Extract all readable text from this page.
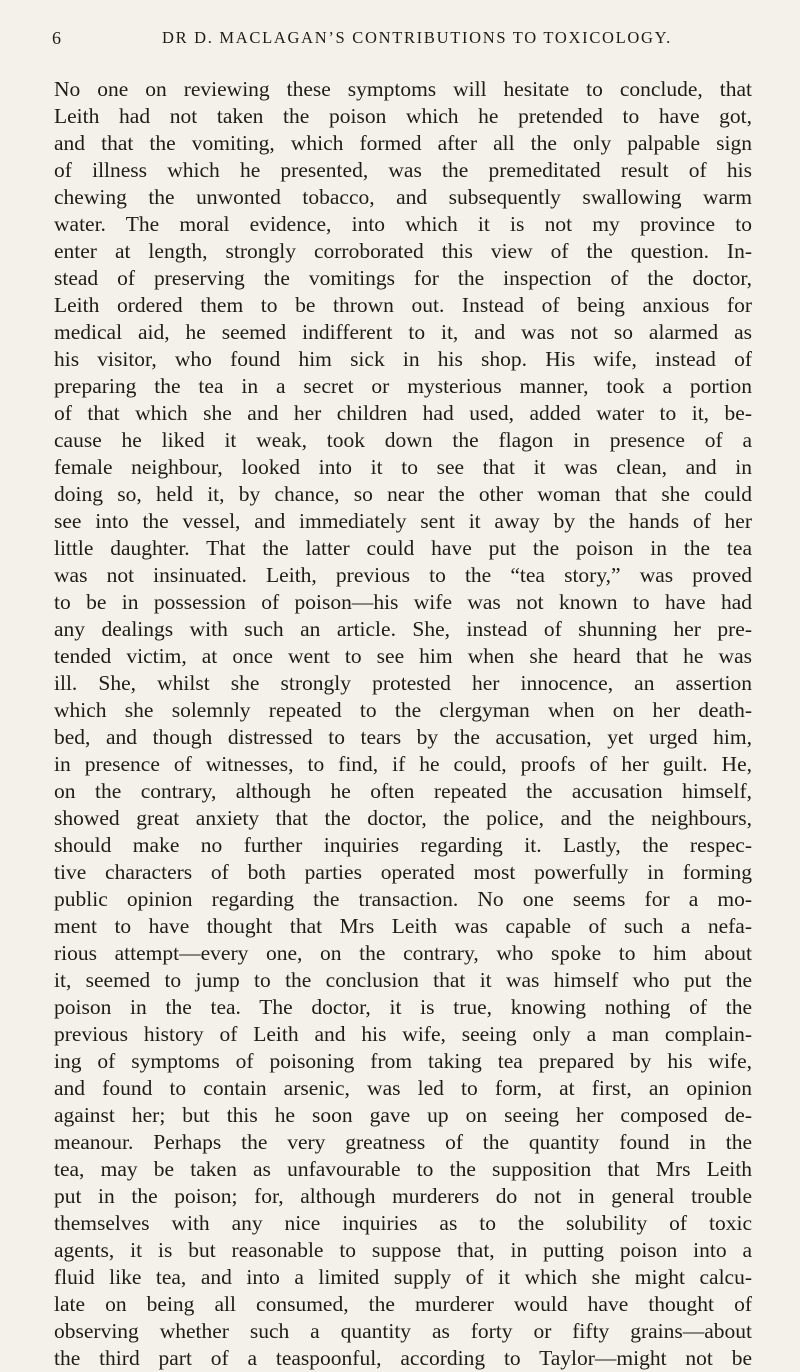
6	DR D. MACLAGAN’S CONTRIBUTIONS TO TOXICOLOGY.
No one on reviewing these symptoms will hesitate to conclude, that
Leith had not taken the poison which he pretended to have got,
and that the vomiting, which formed after all the only palpable sign
of illness which he presented, was the premeditated result of his
chewing the unwonted tobacco, and subsequently swallowing warm
water. The moral evidence, into which it is not my province to
enter at length, strongly corroborated this view of the question. In-
stead of preserving the vomitings for the inspection of the doctor,
Leith ordered them to be thrown out. Instead of being anxious for
medical aid, he seemed indifferent to it, and was not so alarmed as
his visitor, who found him sick in his shop. His wife, instead of
preparing the tea in a secret or mysterious manner, took a portion
of that which she and her children had used, added water to it, be-
cause he liked it weak, took down the flagon in presence of a
female neighbour, looked into it to see that it was clean, and in
doing so, held it, by chance, so near the other woman that she could
see into the vessel, and immediately sent it away by the hands of her
little daughter. That the latter could have put the poison in the tea
was not insinuated. Leith, previous to the “tea story,” was proved
to be in possession of poison—his wife was not known to have had
any dealings with such an article. She, instead of shunning her pre-
tended victim, at once went to see him when she heard that he was
ill. She, whilst she strongly protested her innocence, an assertion
which she solemnly repeated to the clergyman when on her death-
bed, and though distressed to tears by the accusation, yet urged him,
in presence of witnesses, to find, if he could, proofs of her guilt. He,
on the contrary, although he often repeated the accusation himself,
showed great anxiety that the doctor, the police, and the neighbours,
should make no further inquiries regarding it. Lastly, the respec-
tive characters of both parties operated most powerfully in forming
public opinion regarding the transaction. No one seems for a mo-
ment to have thought that Mrs Leith was capable of such a nefa-
rious attempt—every one, on the contrary, who spoke to him about
it, seemed to jump to the conclusion that it was himself who put the
poison in the tea. The doctor, it is true, knowing nothing of the
previous history of Leith and his wife, seeing only a man complain-
ing of symptoms of poisoning from taking tea prepared by his wife,
and found to contain arsenic, was led to form, at first, an opinion
against her; but this he soon gave up on seeing her composed de-
meanour. Perhaps the very greatness of the quantity found in the
tea, may be taken as unfavourable to the supposition that Mrs Leith
put in the poison; for, although murderers do not in general trouble
themselves with any nice inquiries as to the solubility of toxic
agents, it is but reasonable to suppose that, in putting poison into a
fluid like tea, and into a limited supply of it which she might calcu-
late on being all consumed, the murderer would have thought of
observing whether such a quantity as forty or fifty grains—about
the third part of a teaspoonful, according to Taylor—might not be
